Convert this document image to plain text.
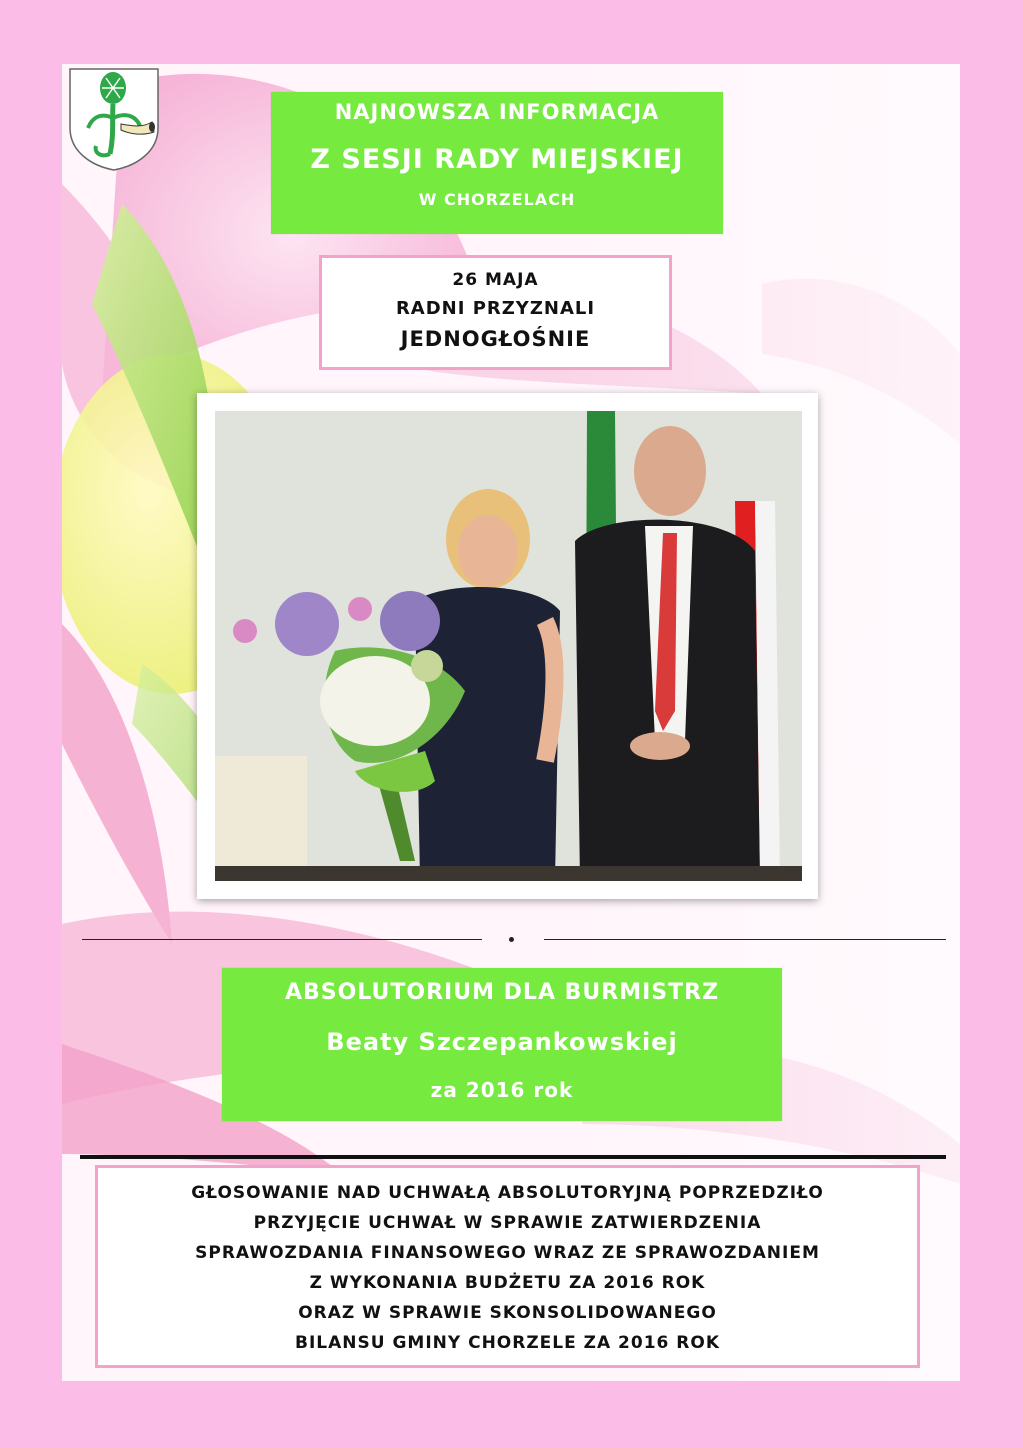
NAJNOWSZA INFORMACJA
Z SESJI RADY MIEJSKIEJ
W CHORZELACH
26 MAJA
RADNI PRZYZNALI
JEDNOGŁOŚNIE
ABSOLUTORIUM DLA BURMISTRZ
Beaty Szczepankowskiej
za 2016 rok
GŁOSOWANIE NAD UCHWAŁĄ ABSOLUTORYJNĄ POPRZEDZIŁO
PRZYJĘCIE UCHWAŁ W SPRAWIE ZATWIERDZENIA
SPRAWOZDANIA FINANSOWEGO WRAZ ZE SPRAWOZDANIEM
Z WYKONANIA BUDŻETU ZA 2016 ROK
ORAZ W SPRAWIE SKONSOLIDOWANEGO
BILANSU GMINY CHORZELE ZA 2016 ROK
